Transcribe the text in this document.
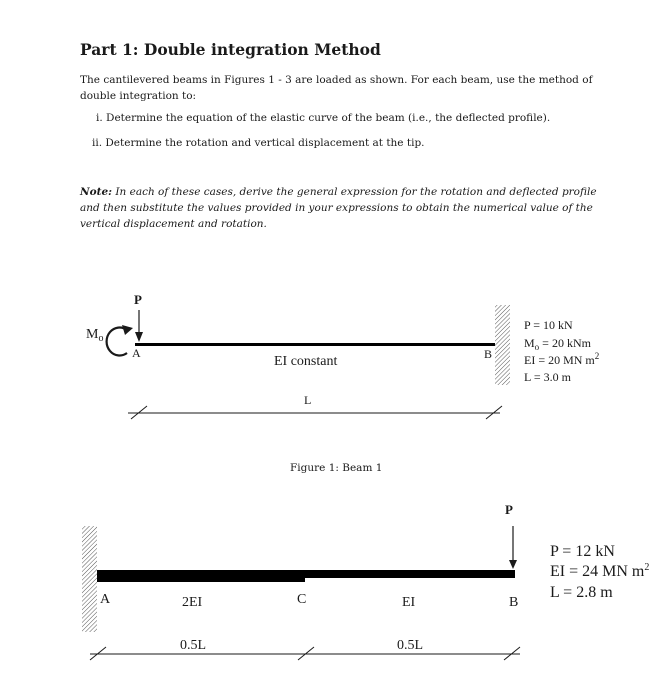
Part 1: Double integration Method
The cantilevered beams in Figures 1 - 3 are loaded as shown. For each beam, use the method of double integration to:
i. Determine the equation of the elastic curve of the beam (i.e., the deflected profile).
ii. Determine the rotation and vertical displacement at the tip.
Note: In each of these cases, derive the general expression for the rotation and deflected profile and then substitute the values provided in your expressions to obtain the numerical value of the vertical displacement and rotation.
P
$M_o$
A	B
EI constant
P = 10 kN
$M_o = 20$ kNm
EI = 20 MN $m^2$
L = 3.0 m
L
Figure 1: Beam 1
P
A	2EI	C	EI	B
P = 12 kN
EI = 24 MN $m^2$
L = 2.8 m
0.5L	0.5L
